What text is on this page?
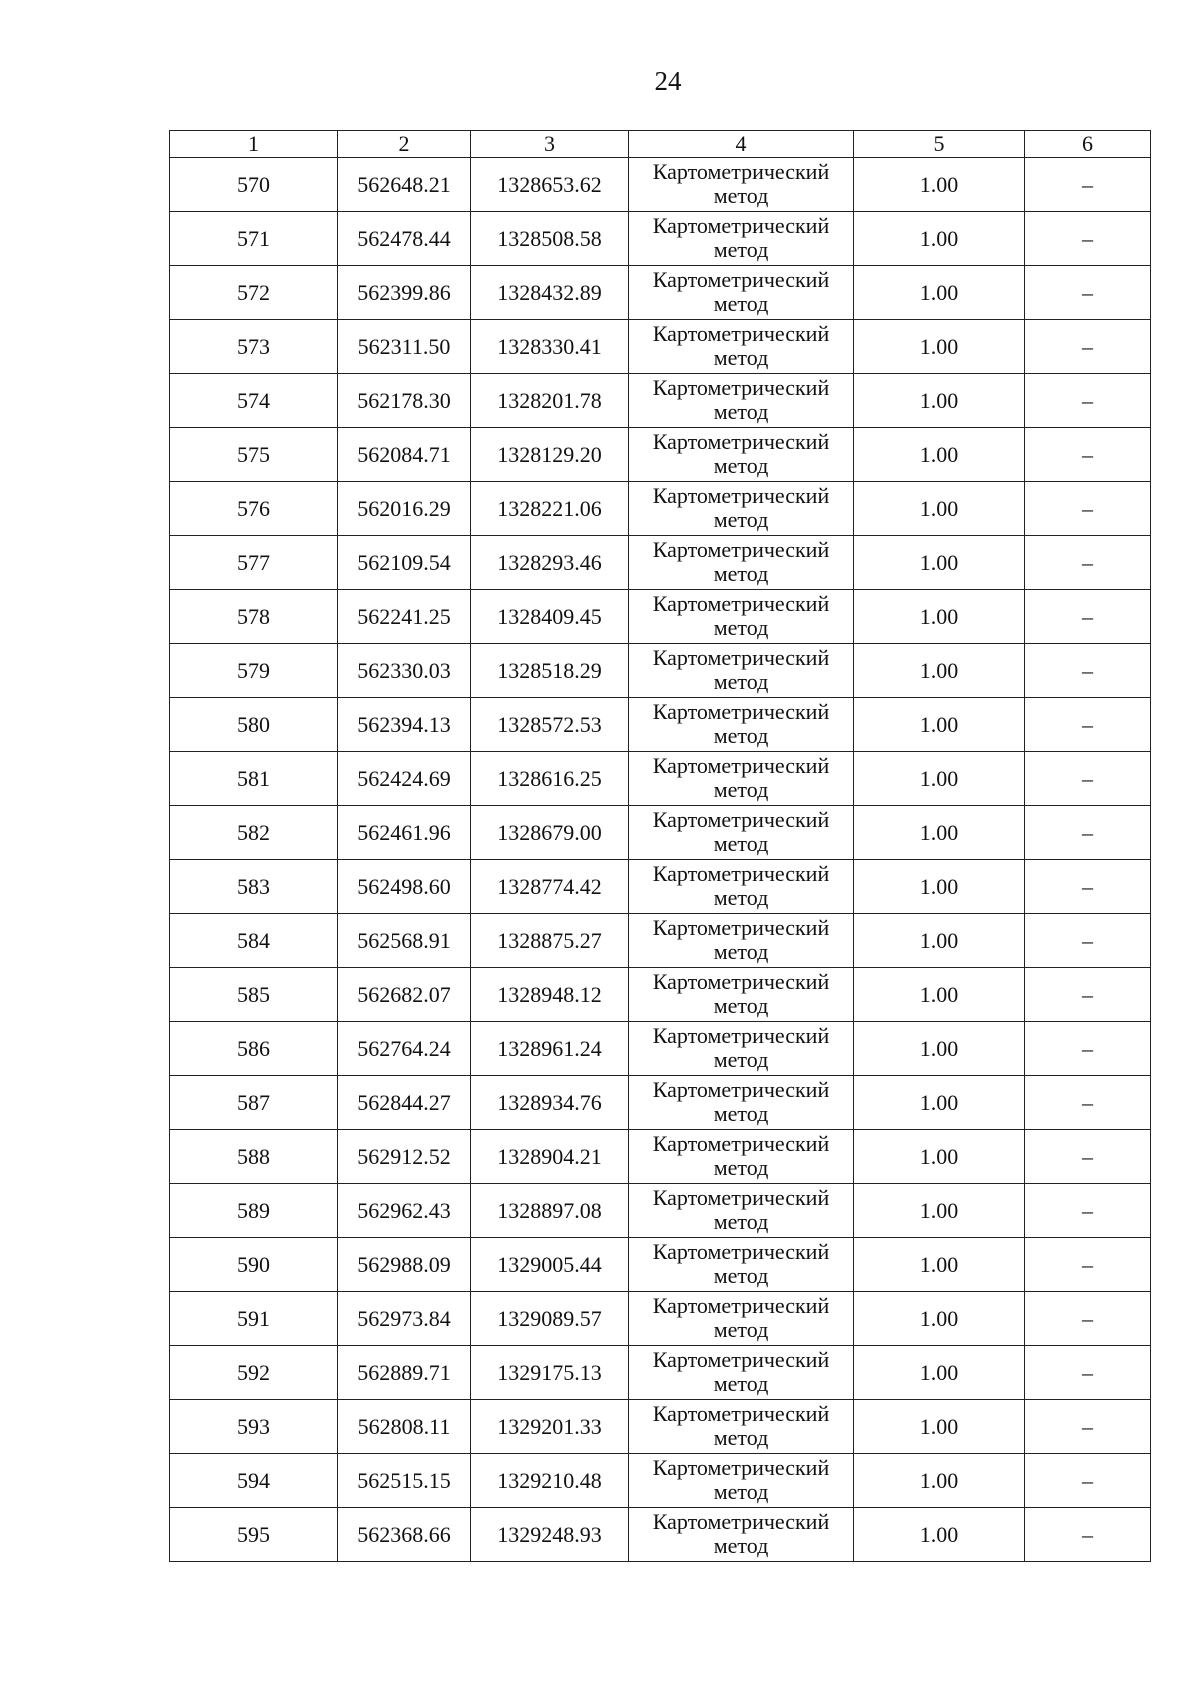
24
1	2	3	4	5	6
570	562648.21	1328653.62	Картометрический
метод	1.00	–
571	562478.44	1328508.58	Картометрический
метод	1.00	–
572	562399.86	1328432.89	Картометрический
метод	1.00	–
573	562311.50	1328330.41	Картометрический
метод	1.00	–
574	562178.30	1328201.78	Картометрический
метод	1.00	–
575	562084.71	1328129.20	Картометрический
метод	1.00	–
576	562016.29	1328221.06	Картометрический
метод	1.00	–
577	562109.54	1328293.46	Картометрический
метод	1.00	–
578	562241.25	1328409.45	Картометрический
метод	1.00	–
579	562330.03	1328518.29	Картометрический
метод	1.00	–
580	562394.13	1328572.53	Картометрический
метод	1.00	–
581	562424.69	1328616.25	Картометрический
метод	1.00	–
582	562461.96	1328679.00	Картометрический
метод	1.00	–
583	562498.60	1328774.42	Картометрический
метод	1.00	–
584	562568.91	1328875.27	Картометрический
метод	1.00	–
585	562682.07	1328948.12	Картометрический
метод	1.00	–
586	562764.24	1328961.24	Картометрический
метод	1.00	–
587	562844.27	1328934.76	Картометрический
метод	1.00	–
588	562912.52	1328904.21	Картометрический
метод	1.00	–
589	562962.43	1328897.08	Картометрический
метод	1.00	–
590	562988.09	1329005.44	Картометрический
метод	1.00	–
591	562973.84	1329089.57	Картометрический
метод	1.00	–
592	562889.71	1329175.13	Картометрический
метод	1.00	–
593	562808.11	1329201.33	Картометрический
метод	1.00	–
594	562515.15	1329210.48	Картометрический
метод	1.00	–
595	562368.66	1329248.93	Картометрический
метод	1.00	–
